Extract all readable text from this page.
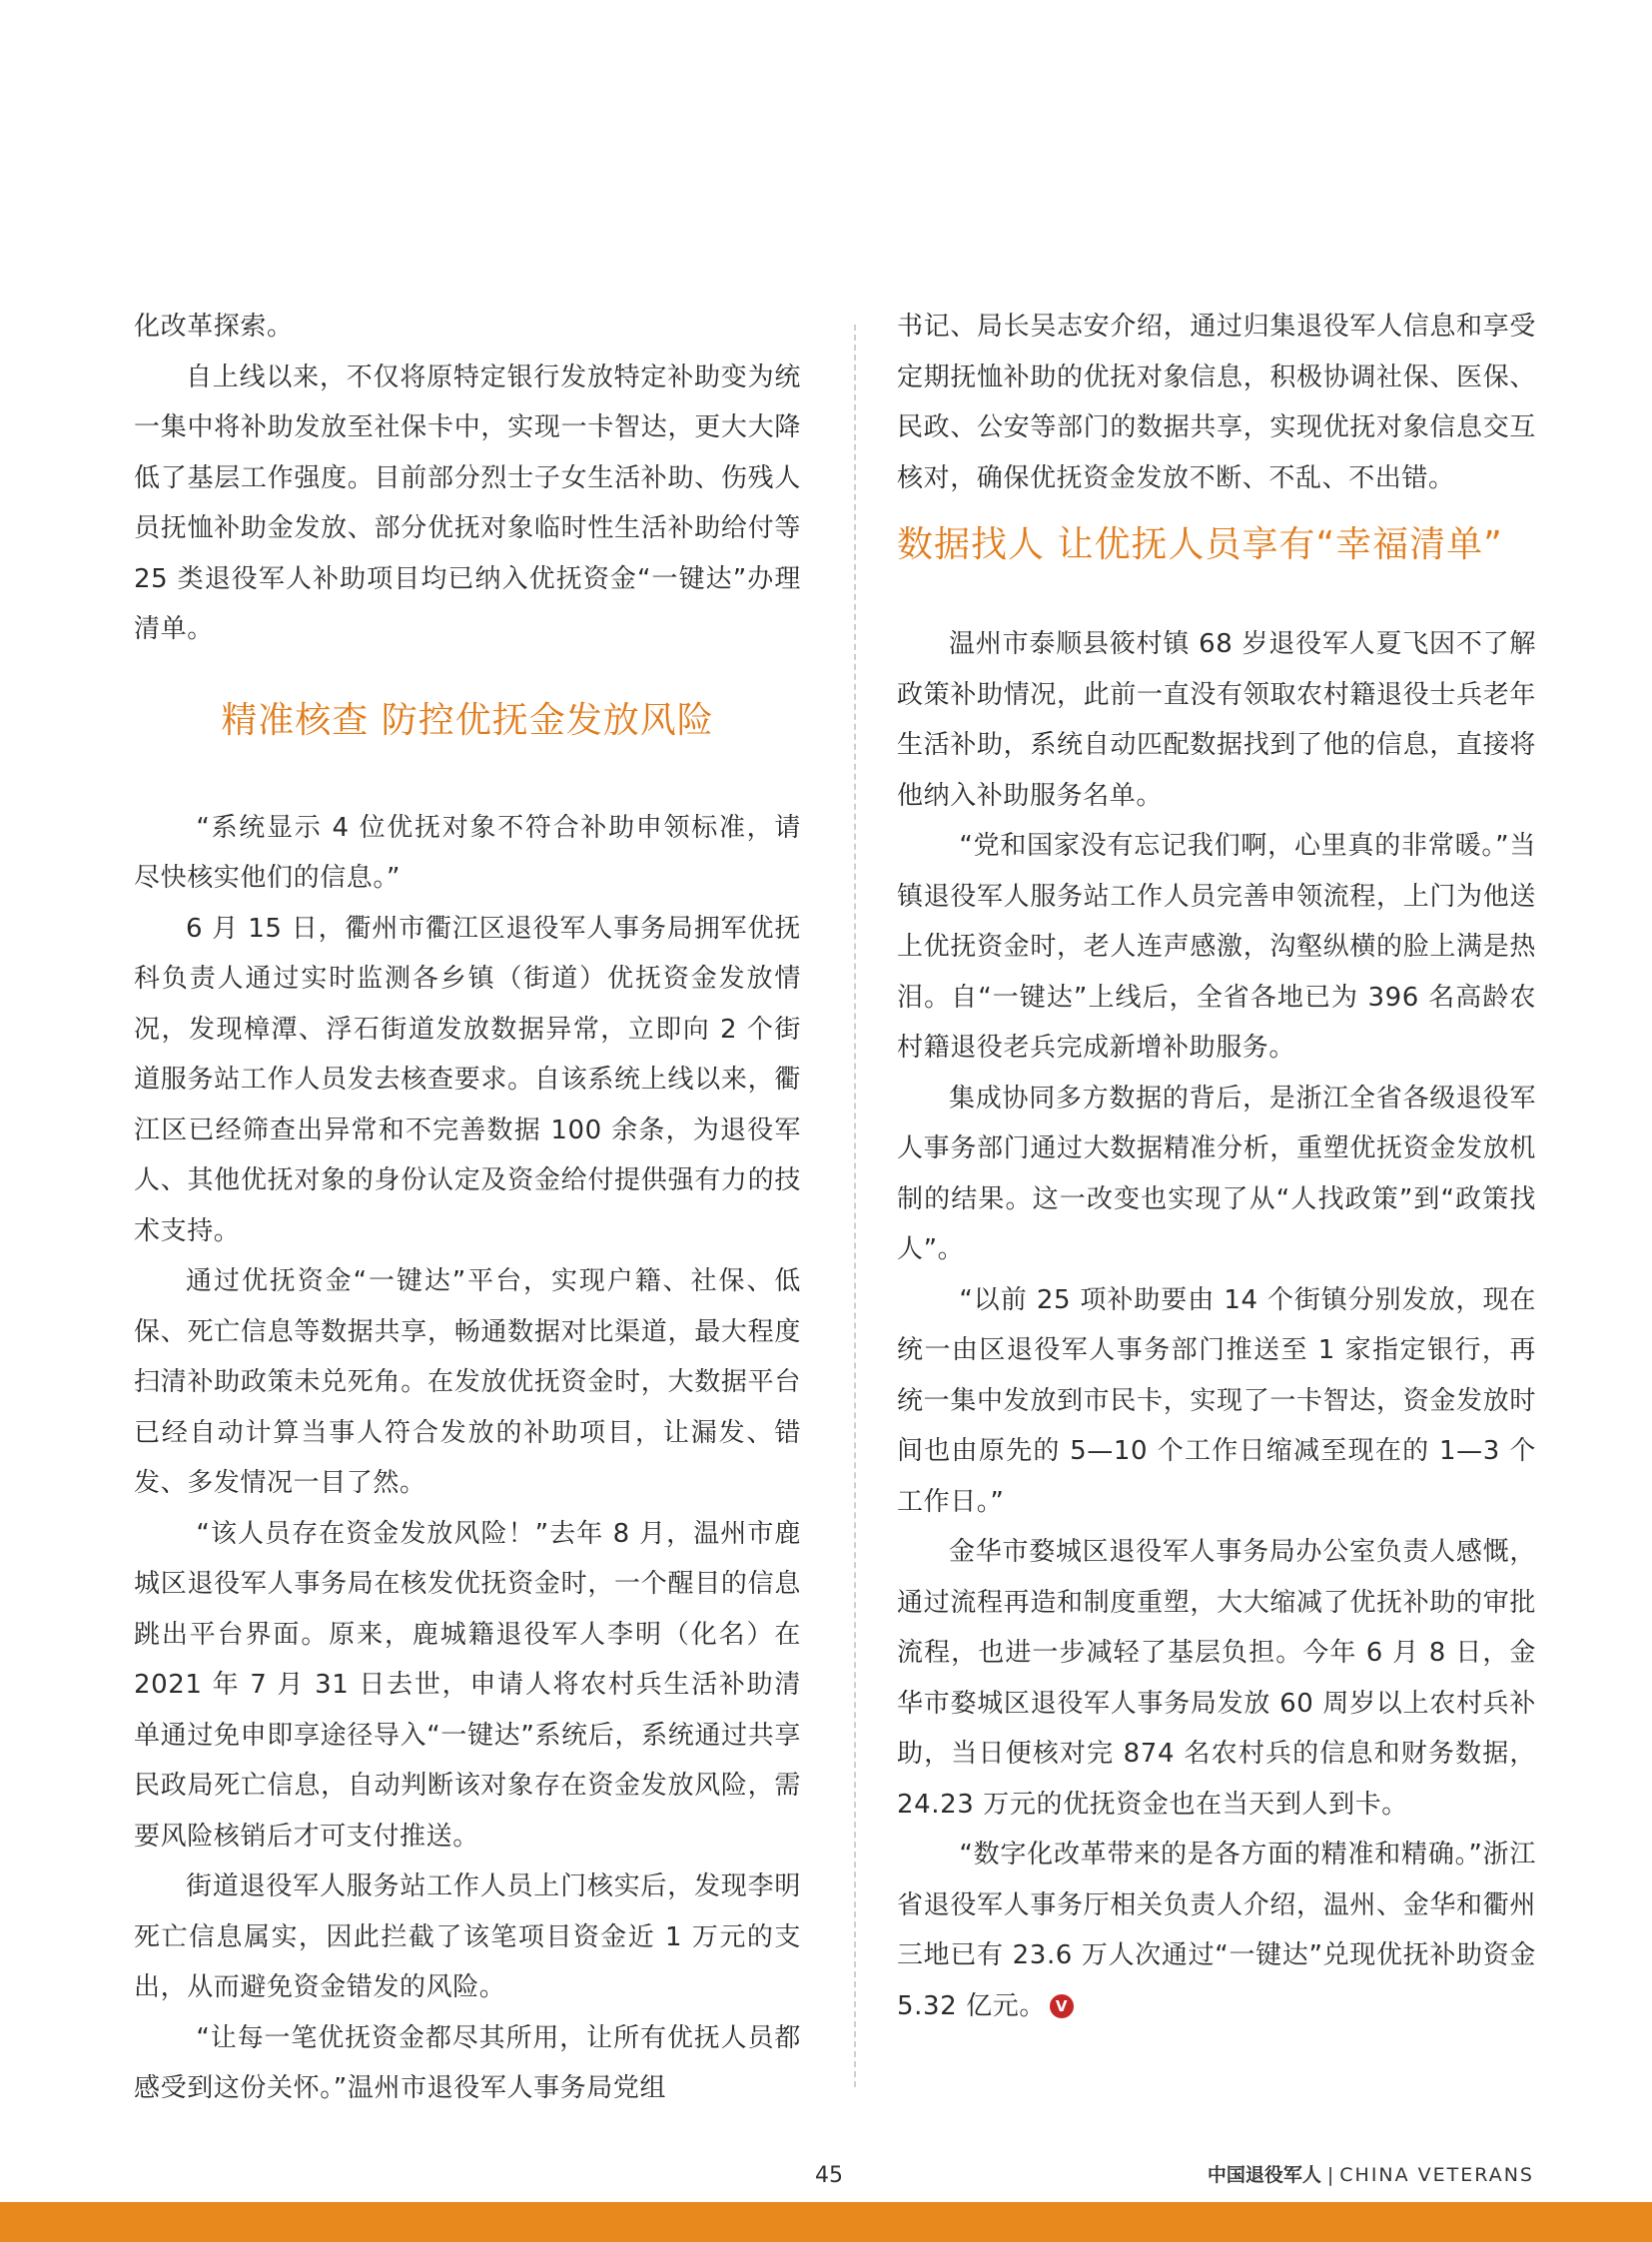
化改革探索。

自上线以来，不仅将原特定银行发放特定补助变为统一集中将补助发放至社保卡中，实现一卡智达，更大大降低了基层工作强度。目前部分烈士子女生活补助、伤残人员抚恤补助金发放、部分优抚对象临时性生活补助给付等 25 类退役军人补助项目均已纳入优抚资金“一键达”办理清单。

精准核查 防控优抚金发放风险

“系统显示 4 位优抚对象不符合补助申领标准，请尽快核实他们的信息。”

6 月 15 日，衢州市衢江区退役军人事务局拥军优抚科负责人通过实时监测各乡镇（街道）优抚资金发放情况，发现樟潭、浮石街道发放数据异常，立即向 2 个街道服务站工作人员发去核查要求。自该系统上线以来，衢江区已经筛查出异常和不完善数据 100 余条，为退役军人、其他优抚对象的身份认定及资金给付提供强有力的技术支持。

通过优抚资金“一键达”平台，实现户籍、社保、低保、死亡信息等数据共享，畅通数据对比渠道，最大程度扫清补助政策未兑死角。在发放优抚资金时，大数据平台已经自动计算当事人符合发放的补助项目，让漏发、错发、多发情况一目了然。

“该人员存在资金发放风险！”去年 8 月，温州市鹿城区退役军人事务局在核发优抚资金时，一个醒目的信息跳出平台界面。原来，鹿城籍退役军人李明（化名）在 2021 年 7 月 31 日去世，申请人将农村兵生活补助清单通过免申即享途径导入“一键达”系统后，系统通过共享民政局死亡信息，自动判断该对象存在资金发放风险，需要风险核销后才可支付推送。

街道退役军人服务站工作人员上门核实后，发现李明死亡信息属实，因此拦截了该笔项目资金近 1 万元的支出，从而避免资金错发的风险。

“让每一笔优抚资金都尽其所用，让所有优抚人员都感受到这份关怀。”温州市退役军人事务局党组

书记、局长吴志安介绍，通过归集退役军人信息和享受定期抚恤补助的优抚对象信息，积极协调社保、医保、民政、公安等部门的数据共享，实现优抚对象信息交互核对，确保优抚资金发放不断、不乱、不出错。

数据找人 让优抚人员享有“幸福清单”

温州市泰顺县筱村镇 68 岁退役军人夏飞因不了解政策补助情况，此前一直没有领取农村籍退役士兵老年生活补助，系统自动匹配数据找到了他的信息，直接将他纳入补助服务名单。

“党和国家没有忘记我们啊，心里真的非常暖。”当镇退役军人服务站工作人员完善申领流程，上门为他送上优抚资金时，老人连声感激，沟壑纵横的脸上满是热泪。自“一键达”上线后，全省各地已为 396 名高龄农村籍退役老兵完成新增补助服务。

集成协同多方数据的背后，是浙江全省各级退役军人事务部门通过大数据精准分析，重塑优抚资金发放机制的结果。这一改变也实现了从“人找政策”到“政策找人”。

“以前 25 项补助要由 14 个街镇分别发放，现在统一由区退役军人事务部门推送至 1 家指定银行，再统一集中发放到市民卡，实现了一卡智达，资金发放时间也由原先的 5—10 个工作日缩减至现在的 1—3 个工作日。”

金华市婺城区退役军人事务局办公室负责人感慨，通过流程再造和制度重塑，大大缩减了优抚补助的审批流程，也进一步减轻了基层负担。今年 6 月 8 日，金华市婺城区退役军人事务局发放 60 周岁以上农村兵补助，当日便核对完 874 名农村兵的信息和财务数据，24.23 万元的优抚资金也在当天到人到卡。

“数字化改革带来的是各方面的精准和精确。”浙江省退役军人事务厅相关负责人介绍，温州、金华和衢州三地已有 23.6 万人次通过“一键达”兑现优抚补助资金 5.32 亿元。 V

45	中国退役军人 | CHINA VETERANS
